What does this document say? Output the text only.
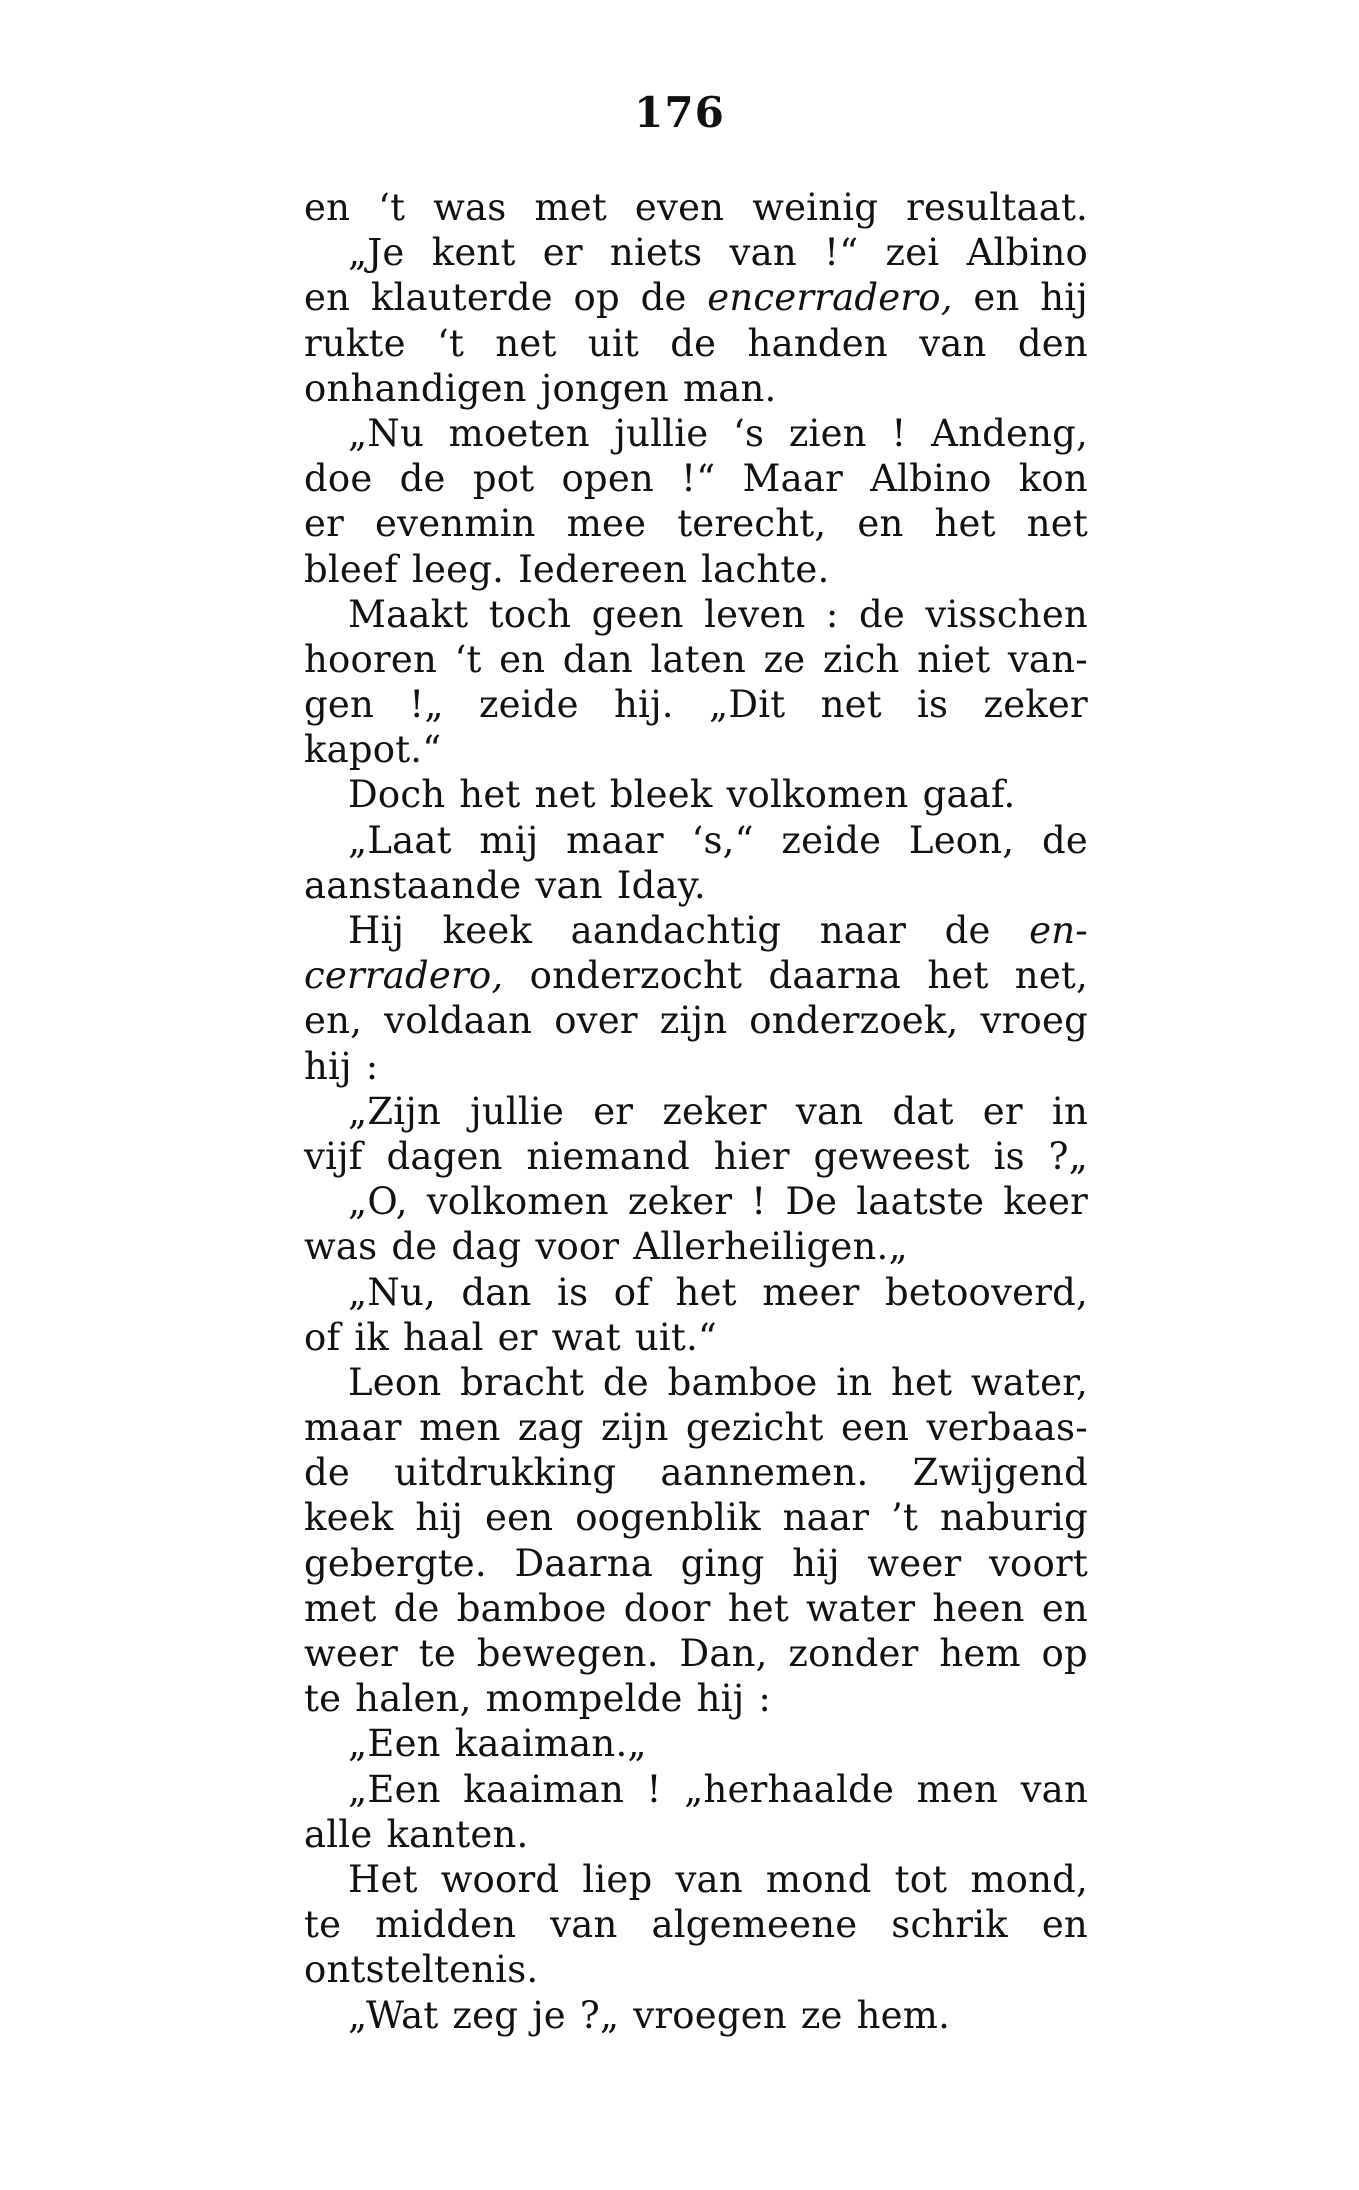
176
en ‘t was met even weinig resultaat.
„Je kent er niets van !“ zei Albino
en klauterde op de encerradero, en hij
rukte ‘t net uit de handen van den
onhandigen jongen man.
„Nu moeten jullie ‘s zien ! Andeng,
doe de pot open !“ Maar Albino kon
er evenmin mee terecht, en het net
bleef leeg. Iedereen lachte.
Maakt toch geen leven : de visschen
hooren ‘t en dan laten ze zich niet van-
gen !„ zeide hij. „Dit net is zeker
kapot.“
Doch het net bleek volkomen gaaf.
„Laat mij maar ‘s,“ zeide Leon, de
aanstaande van Iday.
Hij keek aandachtig naar de en-
cerradero, onderzocht daarna het net,
en, voldaan over zijn onderzoek, vroeg
hij :
„Zijn jullie er zeker van dat er in
vijf dagen niemand hier geweest is ?„
„O, volkomen zeker ! De laatste keer
was de dag voor Allerheiligen.„
„Nu, dan is of het meer betooverd,
of ik haal er wat uit.“
Leon bracht de bamboe in het water,
maar men zag zijn gezicht een verbaas-
de uitdrukking aannemen. Zwijgend
keek hij een oogenblik naar ’t naburig
gebergte. Daarna ging hij weer voort
met de bamboe door het water heen en
weer te bewegen. Dan, zonder hem op
te halen, mompelde hij :
„Een kaaiman.„
„Een kaaiman ! „herhaalde men van
alle kanten.
Het woord liep van mond tot mond,
te midden van algemeene schrik en
ontsteltenis.
„Wat zeg je ?„ vroegen ze hem.
